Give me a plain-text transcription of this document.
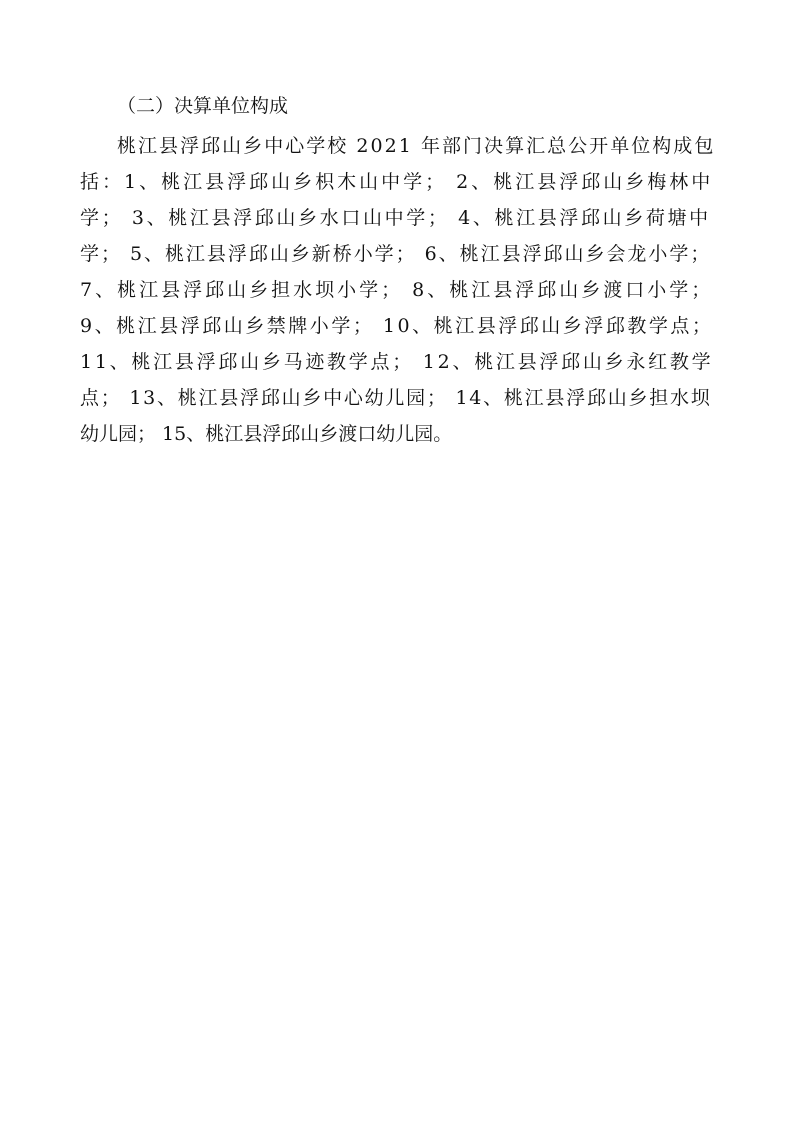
（二）决算单位构成
桃江县浮邱山乡中心学校 2021 年部门决算汇总公开单位构成包
括：1、桃江县浮邱山乡枳木山中学； 2、桃江县浮邱山乡梅林中
学； 3、桃江县浮邱山乡水口山中学； 4、桃江县浮邱山乡荷塘中
学； 5、桃江县浮邱山乡新桥小学； 6、桃江县浮邱山乡会龙小学；
7、桃江县浮邱山乡担水坝小学； 8、桃江县浮邱山乡渡口小学；
9、桃江县浮邱山乡禁牌小学； 10、桃江县浮邱山乡浮邱教学点；
11、桃江县浮邱山乡马迹教学点； 12、桃江县浮邱山乡永红教学
点； 13、桃江县浮邱山乡中心幼儿园； 14、桃江县浮邱山乡担水坝
幼儿园； 15、桃江县浮邱山乡渡口幼儿园。
